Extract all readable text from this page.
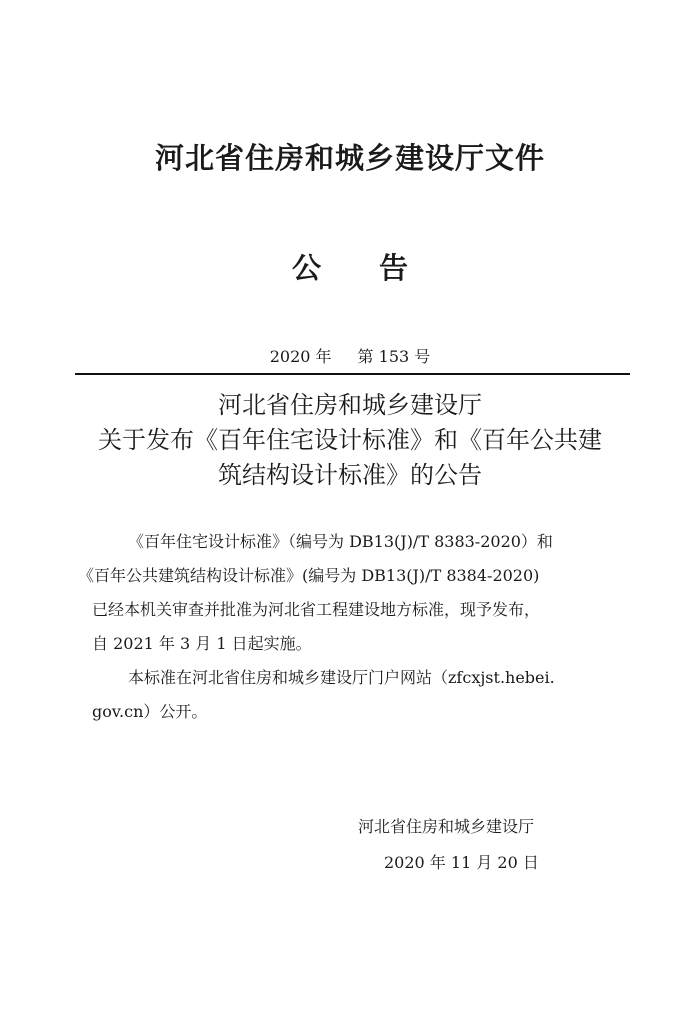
河北省住房和城乡建设厅文件
公 告
2020 年 第 153 号
河北省住房和城乡建设厅
关于发布《百年住宅设计标准》和《百年公共建
筑结构设计标准》的公告

《百年住宅设计标准》（编号为 DB13(J)/T 8383-2020）和
《百年公共建筑结构设计标准》(编号为 DB13(J)/T 8384-2020)
已经本机关审查并批准为河北省工程建设地方标准，现予发布，
自 2021 年 3 月 1 日起实施。

本标准在河北省住房和城乡建设厅门户网站（zfcxjst.hebei.
gov.cn）公开。

河北省住房和城乡建设厅
2020 年 11 月 20 日
